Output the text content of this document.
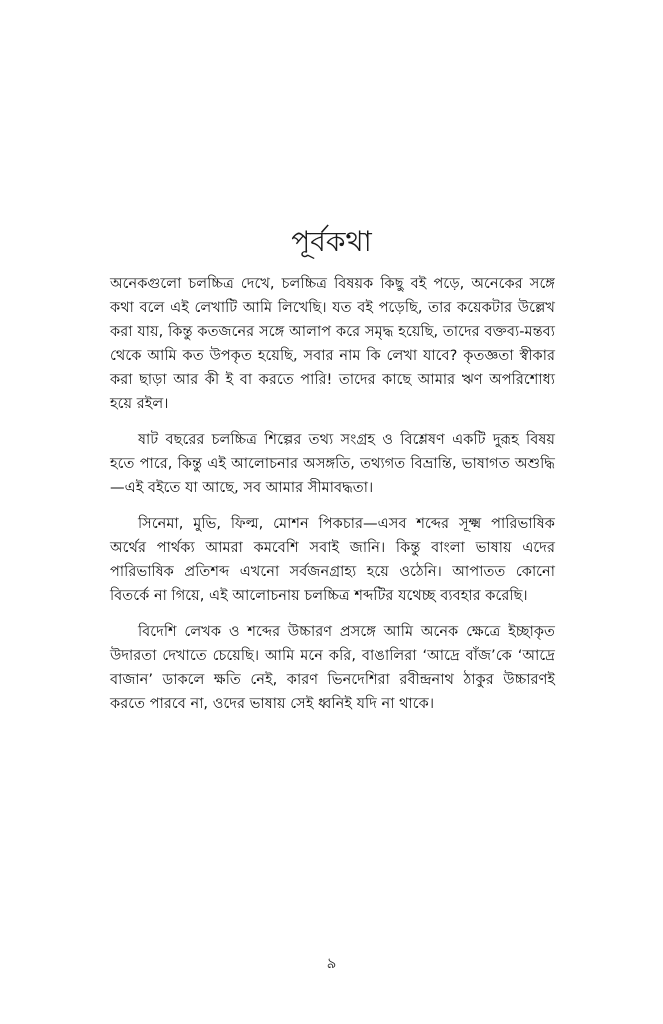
পূর্বকথা

অনেকগুলো চলচ্চিত্র দেখে, চলচ্চিত্র বিষয়ক কিছু বই পড়ে, অনেকের সঙ্গে কথা বলে এই লেখাটি আমি লিখেছি। যত বই পড়েছি, তার কয়েকটার উল্লেখ করা যায়, কিন্তু কতজনের সঙ্গে আলাপ করে সমৃদ্ধ হয়েছি, তাদের বক্তব্য-মন্তব্য থেকে আমি কত উপকৃত হয়েছি, সবার নাম কি লেখা যাবে? কৃতজ্ঞতা স্বীকার করা ছাড়া আর কী ই বা করতে পারি! তাদের কাছে আমার ঋণ অপরিশোধ্য হয়ে রইল।

ষাট বছরের চলচ্চিত্র শিল্পের তথ্য সংগ্রহ ও বিশ্লেষণ একটি দুরূহ বিষয় হতে পারে, কিন্তু এই আলোচনার অসঙ্গতি, তথ্যগত বিভ্রান্তি, ভাষাগত অশুদ্ধি—এই বইতে যা আছে, সব আমার সীমাবদ্ধতা।

সিনেমা, মুভি, ফিল্ম, মোশন পিকচার—এসব শব্দের সূক্ষ্ম পারিভাষিক অর্থের পার্থক্য আমরা কমবেশি সবাই জানি। কিন্তু বাংলা ভাষায় এদের পারিভাষিক প্রতিশব্দ এখনো সর্বজনগ্রাহ্য হয়ে ওঠেনি। আপাতত কোনো বিতর্কে না গিয়ে, এই আলোচনায় চলচ্চিত্র শব্দটির যথেচ্ছ ব্যবহার করেছি।

বিদেশি লেখক ও শব্দের উচ্চারণ প্রসঙ্গে আমি অনেক ক্ষেত্রে ইচ্ছাকৃত উদারতা দেখাতে চেয়েছি। আমি মনে করি, বাঙালিরা ‘আদ্রে বাঁজ’কে ‘আদ্রে বাজান’ ডাকলে ক্ষতি নেই, কারণ ভিনদেশিরা রবীন্দ্রনাথ ঠাকুর উচ্চারণই করতে পারবে না, ওদের ভাষায় সেই ধ্বনিই যদি না থাকে।

৯
